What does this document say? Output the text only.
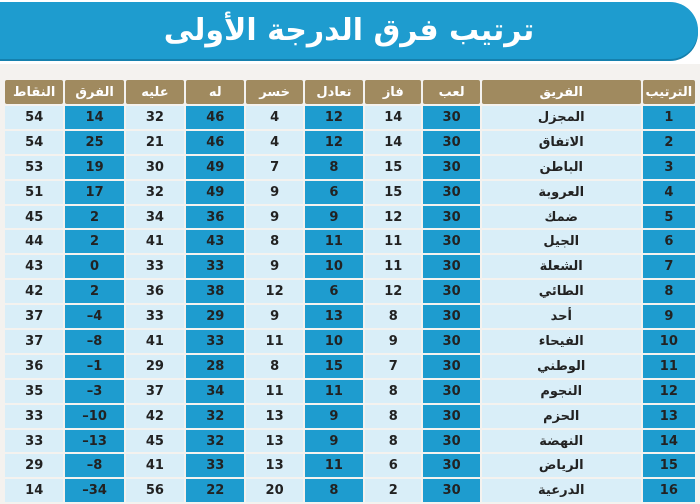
ترتيب فرق الدرجة الأولى
الترتيب	الفريق	لعب	فاز	تعادل	خسر	له	عليه	الفرق	النقاط
1	المجزل	30	14	12	4	46	32	14	54
2	الاتفاق	30	14	12	4	46	21	25	54
3	الباطن	30	15	8	7	49	30	19	53
4	العروبة	30	15	6	9	49	32	17	51
5	ضمك	30	12	9	9	36	34	2	45
6	الجيل	30	11	11	8	43	41	2	44
7	الشعلة	30	11	10	9	33	33	0	43
8	الطائي	30	12	6	12	38	36	2	42
9	أحد	30	8	13	9	29	33	4–	37
10	الفيحاء	30	9	10	11	33	41	8–	37
11	الوطني	30	7	15	8	28	29	1–	36
12	النجوم	30	8	11	11	34	37	3–	35
13	الحزم	30	8	9	13	32	42	10–	33
14	النهضة	30	8	9	13	32	45	13–	33
15	الرياض	30	6	11	13	33	41	8–	29
16	الدرعية	30	2	8	20	22	56	34–	14
